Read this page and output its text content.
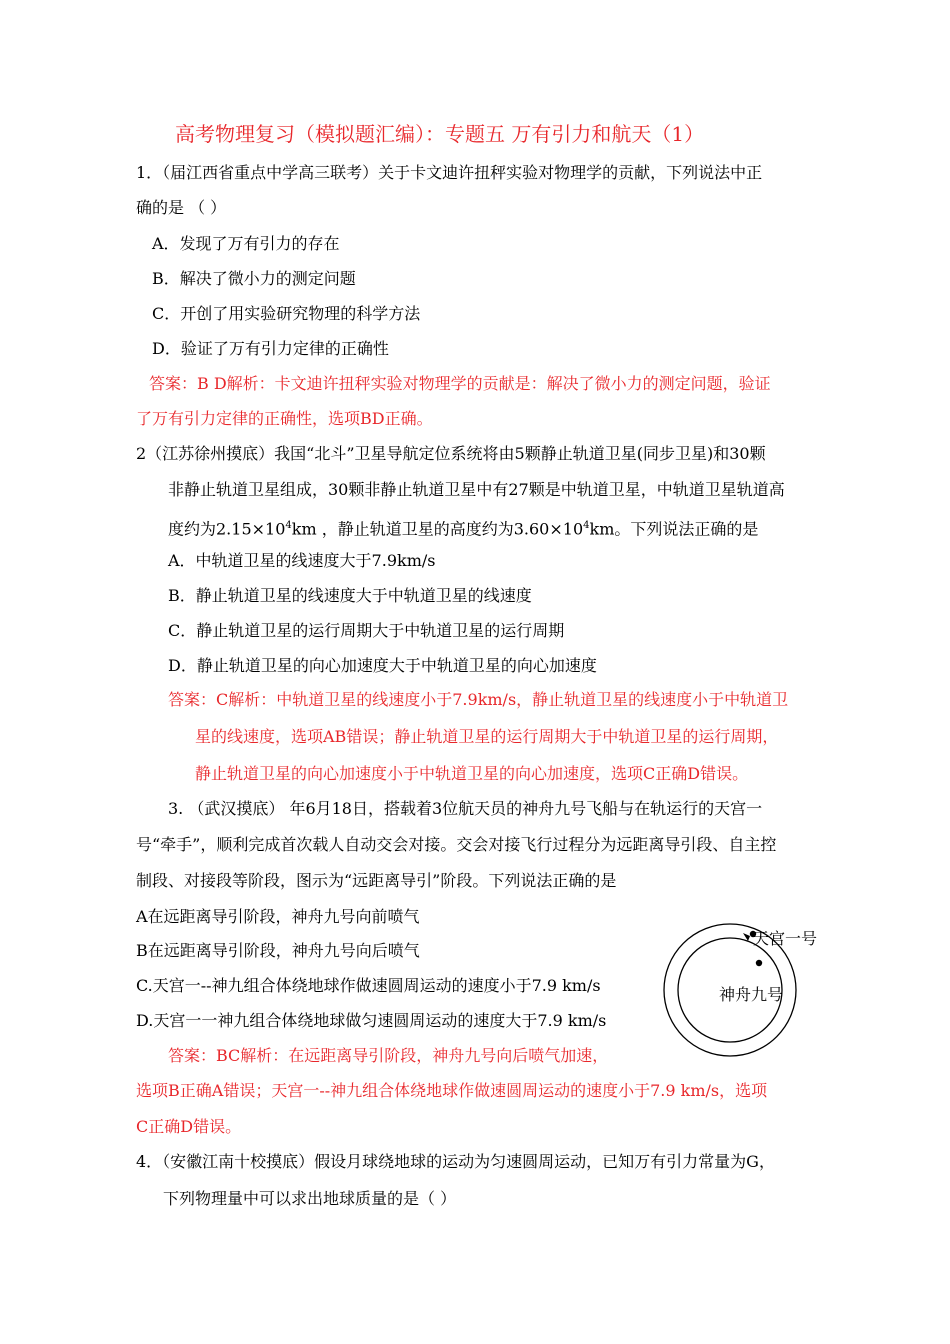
高考物理复习（模拟题汇编）：专题五 万有引力和航天（1）
1．（届江西省重点中学高三联考）关于卡文迪许扭秤实验对物理学的贡献，下列说法中正
确的是 （ ）
A．发现了万有引力的存在
B．解决了微小力的测定问题
C．开创了用实验研究物理的科学方法
D．验证了万有引力定律的正确性
答案：B D解析：卡文迪许扭秤实验对物理学的贡献是：解决了微小力的测定问题，验证
了万有引力定律的正确性，选项BD正确。
2（江苏徐州摸底）我国“北斗”卫星导航定位系统将由5颗静止轨道卫星(同步卫星)和30颗
非静止轨道卫星组成，30颗非静止轨道卫星中有27颗是中轨道卫星，中轨道卫星轨道高
度约为$2.15\times 10^4km$ ，静止轨道卫星的高度约为$3.60\times 10^4km$。下列说法正确的是
A．中轨道卫星的线速度大于7.9km/s
B．静止轨道卫星的线速度大于中轨道卫星的线速度
C．静止轨道卫星的运行周期大于中轨道卫星的运行周期
D．静止轨道卫星的向心加速度大于中轨道卫星的向心加速度
答案：C解析：中轨道卫星的线速度小于7.9km/s，静止轨道卫星的线速度小于中轨道卫
星的线速度，选项AB错误；静止轨道卫星的运行周期大于中轨道卫星的运行周期，
静止轨道卫星的向心加速度小于中轨道卫星的向心加速度，选项C正确D错误。
3. （武汉摸底） 年6月18日，搭载着3位航天员的神舟九号飞船与在轨运行的天宫一
号“牵手”，顺利完成首次载人自动交会对接。交会对接飞行过程分为远距离导引段、自主控
制段、对接段等阶段，图示为“远距离导引”阶段。下列说法正确的是
A在远距离导引阶段，神舟九号向前喷气
B在远距离导引阶段，神舟九号向后喷气
C.天宫一--神九组合体绕地球作做速圆周运动的速度小于7.9 km/s
D.天宫一一神九组合体绕地球做匀速圆周运动的速度大于7.9 km/s
天宫一号
神舟九号
答案：BC解析：在远距离导引阶段，神舟九号向后喷气加速，
选项B正确A错误；天宫一--神九组合体绕地球作做速圆周运动的速度小于7.9 km/s，选项
C正确D错误。
4．（安徽江南十校摸底）假设月球绕地球的运动为匀速圆周运动，已知万有引力常量为G，
下列物理量中可以求出地球质量的是（ ）
